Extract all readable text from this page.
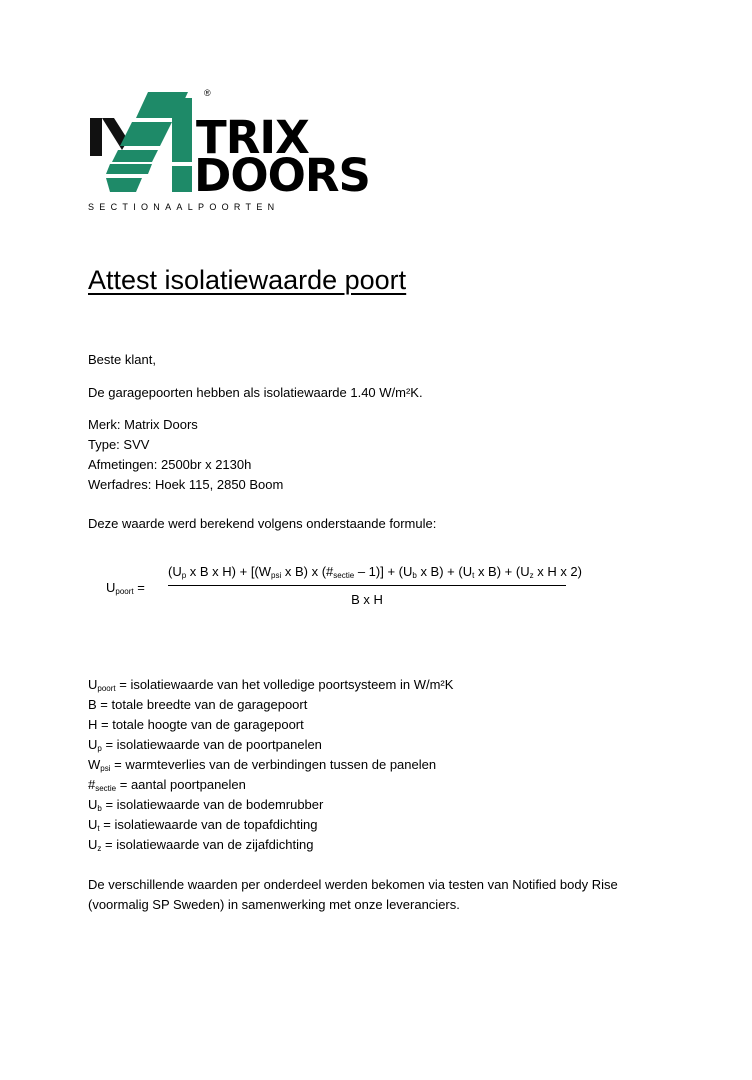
TRIX
DOORS
®
SECTIONAALPOORTEN
Attest isolatiewaarde poort

Beste klant,

De garagepoorten hebben als isolatiewaarde 1.40 W/m²K.

Merk: Matrix Doors

Type: SVV

Afmetingen: 2500br x 2130h

Werfadres: Hoek 115, 2850 Boom

Deze waarde werd berekend volgens onderstaande formule:

$U_{poort}$ =
($U_p$ x B x $H) + [(W_{psi}$ x B) x $(\#_{sectie} - 1)] + (U_b$ x $B) + (U_t$ x $B) + (U_z$ x H x 2)
B x H
$U_{poort}$ = isolatiewaarde van het volledige poortsysteem in W/m²K
B = totale breedte van de garagepoort
H = totale hoogte van de garagepoort
$U_p$ = isolatiewaarde van de poortpanelen
$W_{psi}$ = warmteverlies van de verbindingen tussen de panelen
$\#_{sectie}$ = aantal poortpanelen
$U_b$ = isolatiewaarde van de bodemrubber
$U_t$ = isolatiewaarde van de topafdichting
$U_z$ = isolatiewaarde van de zijafdichting

De verschillende waarden per onderdeel werden bekomen via testen van Notified body Rise

(voormalig SP Sweden) in samenwerking met onze leveranciers.
